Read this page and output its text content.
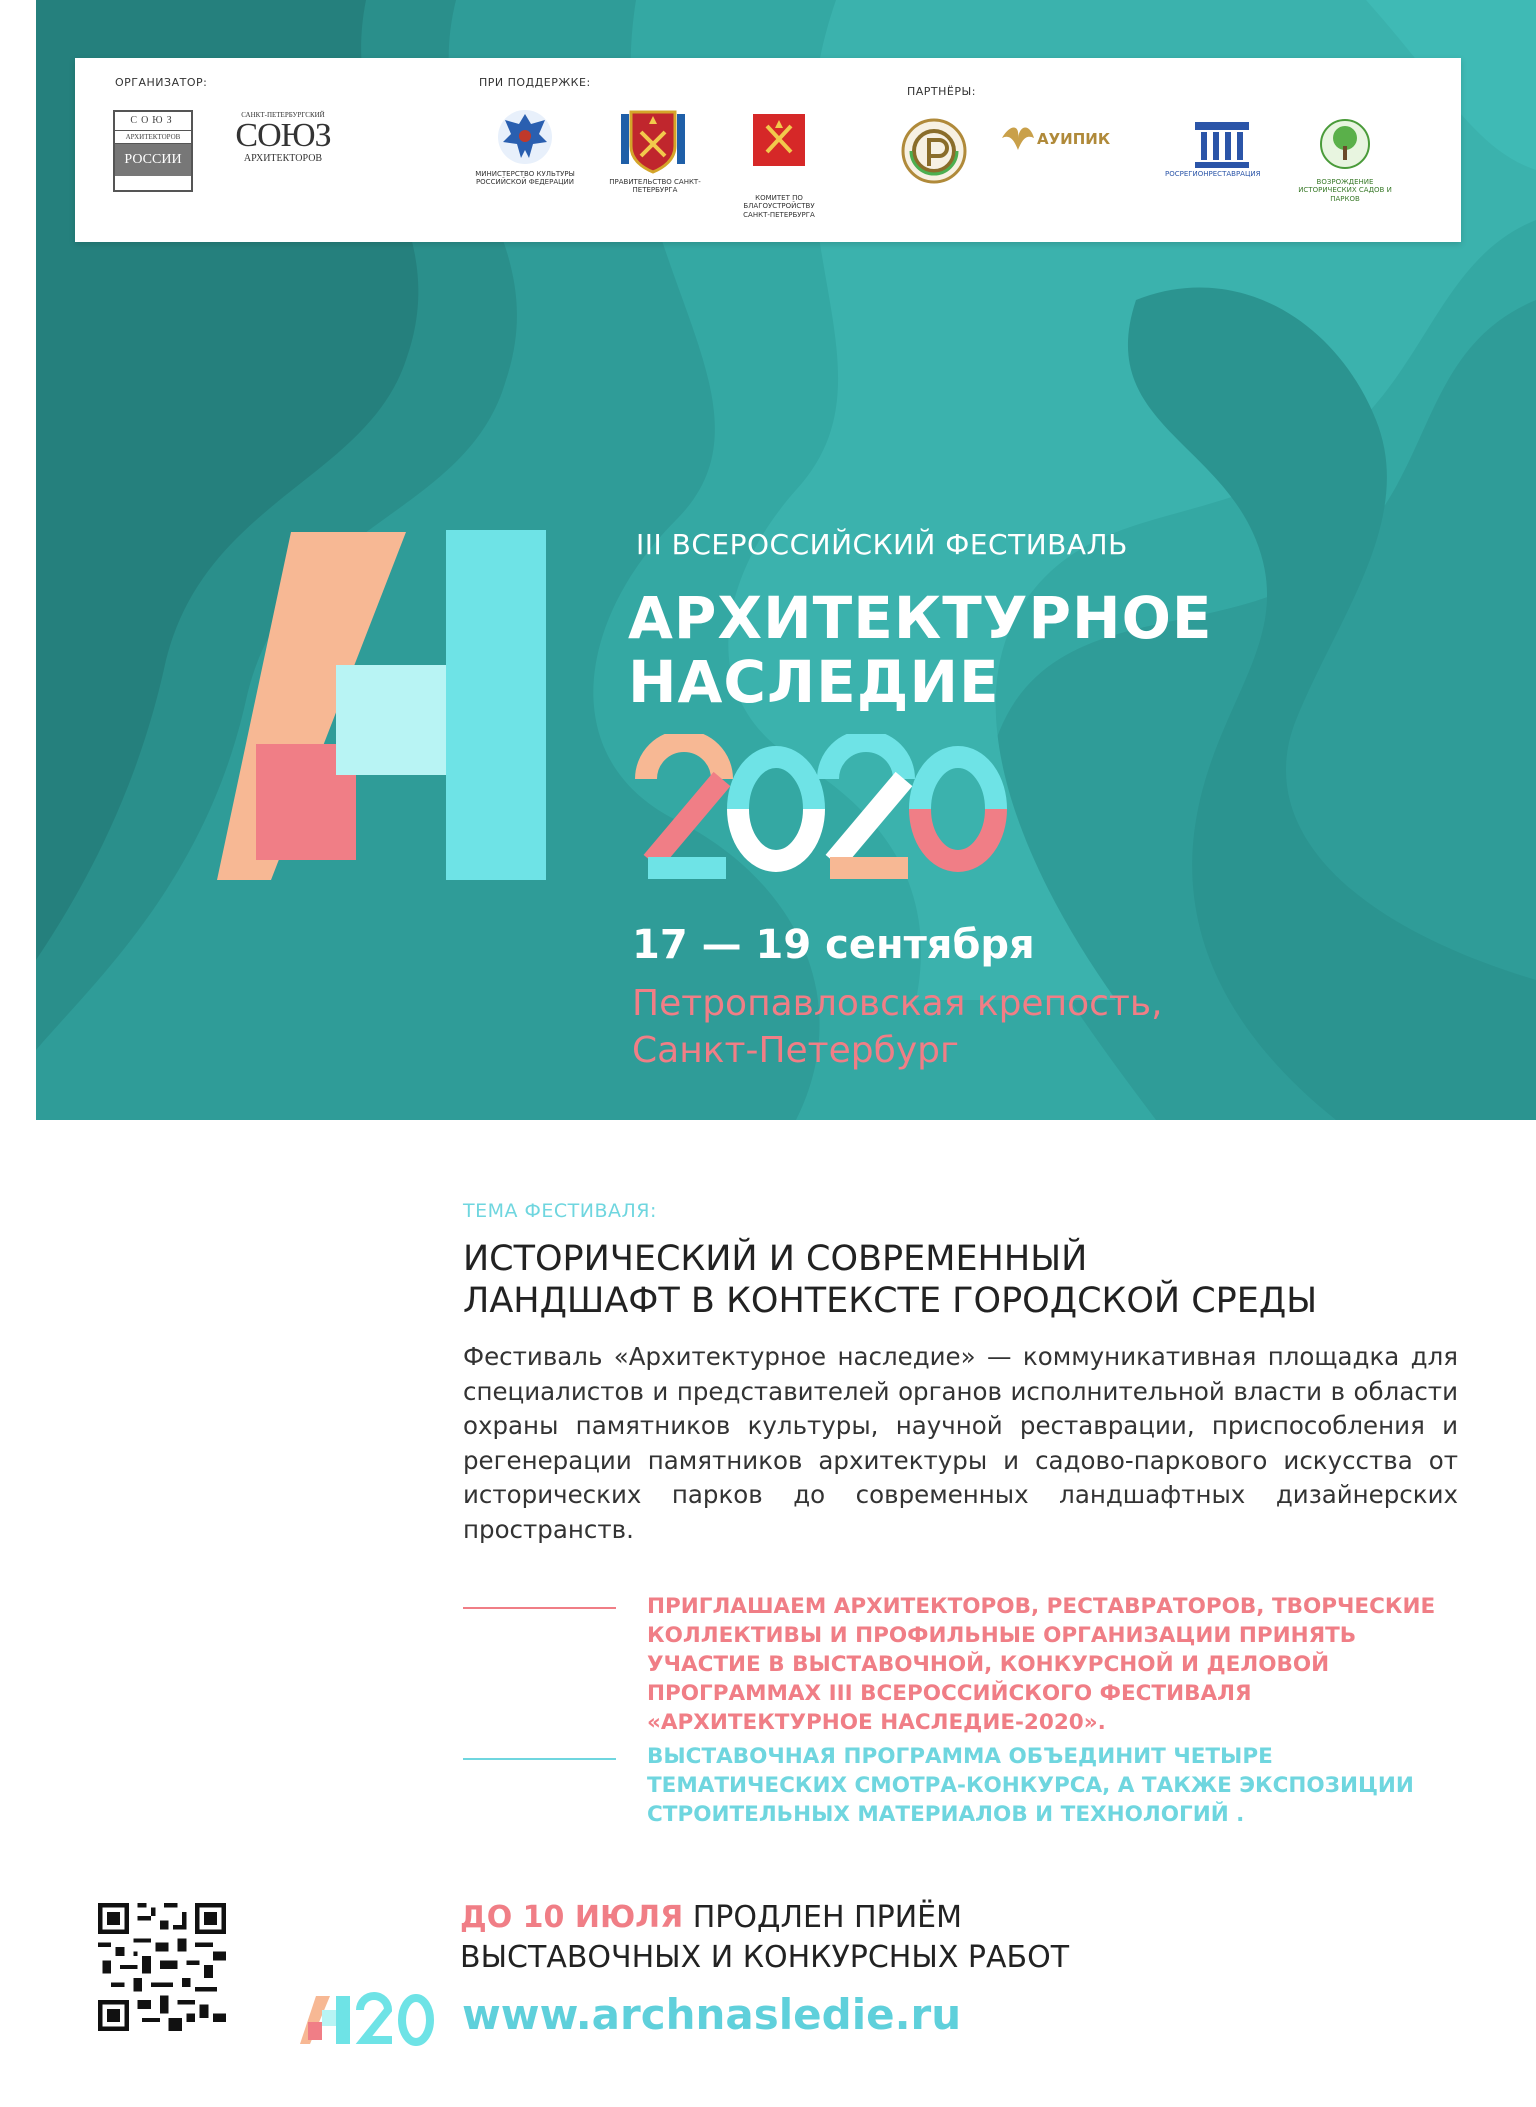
III ВСЕРОССИЙСКИЙ ФЕСТИВАЛЬ
АРХИТЕКТУРНОЕ
НАСЛЕДИЕ
17 — 19 сентября
Петропавловская крепость,
Санкт-Петербург
ОРГАНИЗАТОР:	ПРИ ПОДДЕРЖКЕ:
ПАРТНЁРЫ:
СОЮЗ
АРХИТЕКТОРОВ
РОССИИ
САНКТ-ПЕТЕРБУРГСКИЙ
СОЮЗ
АРХИТЕКТОРОВ
МИНИСТЕРСТВО КУЛЬТУРЫ РОССИЙСКОЙ ФЕДЕРАЦИИ	ПРАВИТЕЛЬСТВО САНКТ-ПЕТЕРБУРГА
КОМИТЕТ ПО БЛАГОУСТРОЙСТВУ САНКТ-ПЕТЕРБУРГА
АУИПИК
РОСРЕГИОНРЕСТАВРАЦИЯ
ВОЗРОЖДЕНИЕ ИСТОРИЧЕСКИХ САДОВ И ПАРКОВ
ТЕМА ФЕСТИВАЛЯ:
ИСТОРИЧЕСКИЙ И СОВРЕМЕННЫЙ
ЛАНДШАФТ В КОНТЕКСТЕ ГОРОДСКОЙ СРЕДЫ
Фестиваль «Архитектурное наследие» — коммуникативная площадка для специалистов и представителей органов исполнительной власти в области охраны памятников культуры, научной реставрации, приспособления и регенерации памятников архитектуры и садово-паркового искусства от исторических парков до современных ландшафтных дизайнерских пространств.
ПРИГЛАШАЕМ АРХИТЕКТОРОВ, РЕСТАВРАТОРОВ, ТВОРЧЕСКИЕ КОЛЛЕКТИВЫ И ПРОФИЛЬНЫЕ ОРГАНИЗАЦИИ ПРИНЯТЬ УЧАСТИЕ В ВЫСТАВОЧНОЙ, КОНКУРСНОЙ И ДЕЛОВОЙ ПРОГРАММАХ III ВСЕРОССИЙСКОГО ФЕСТИВАЛЯ «АРХИТЕКТУРНОЕ НАСЛЕДИЕ-2020».
ВЫСТАВОЧНАЯ ПРОГРАММА ОБЪЕДИНИТ ЧЕТЫРЕ ТЕМАТИЧЕСКИХ СМОТРА-КОНКУРСА, А ТАКЖЕ ЭКСПОЗИЦИИ СТРОИТЕЛЬНЫХ МАТЕРИАЛОВ И ТЕХНОЛОГИЙ .
ДО 10 ИЮЛЯ ПРОДЛЕН ПРИЁМ
ВЫСТАВОЧНЫХ И КОНКУРСНЫХ РАБОТ
www.archnasledie.ru
